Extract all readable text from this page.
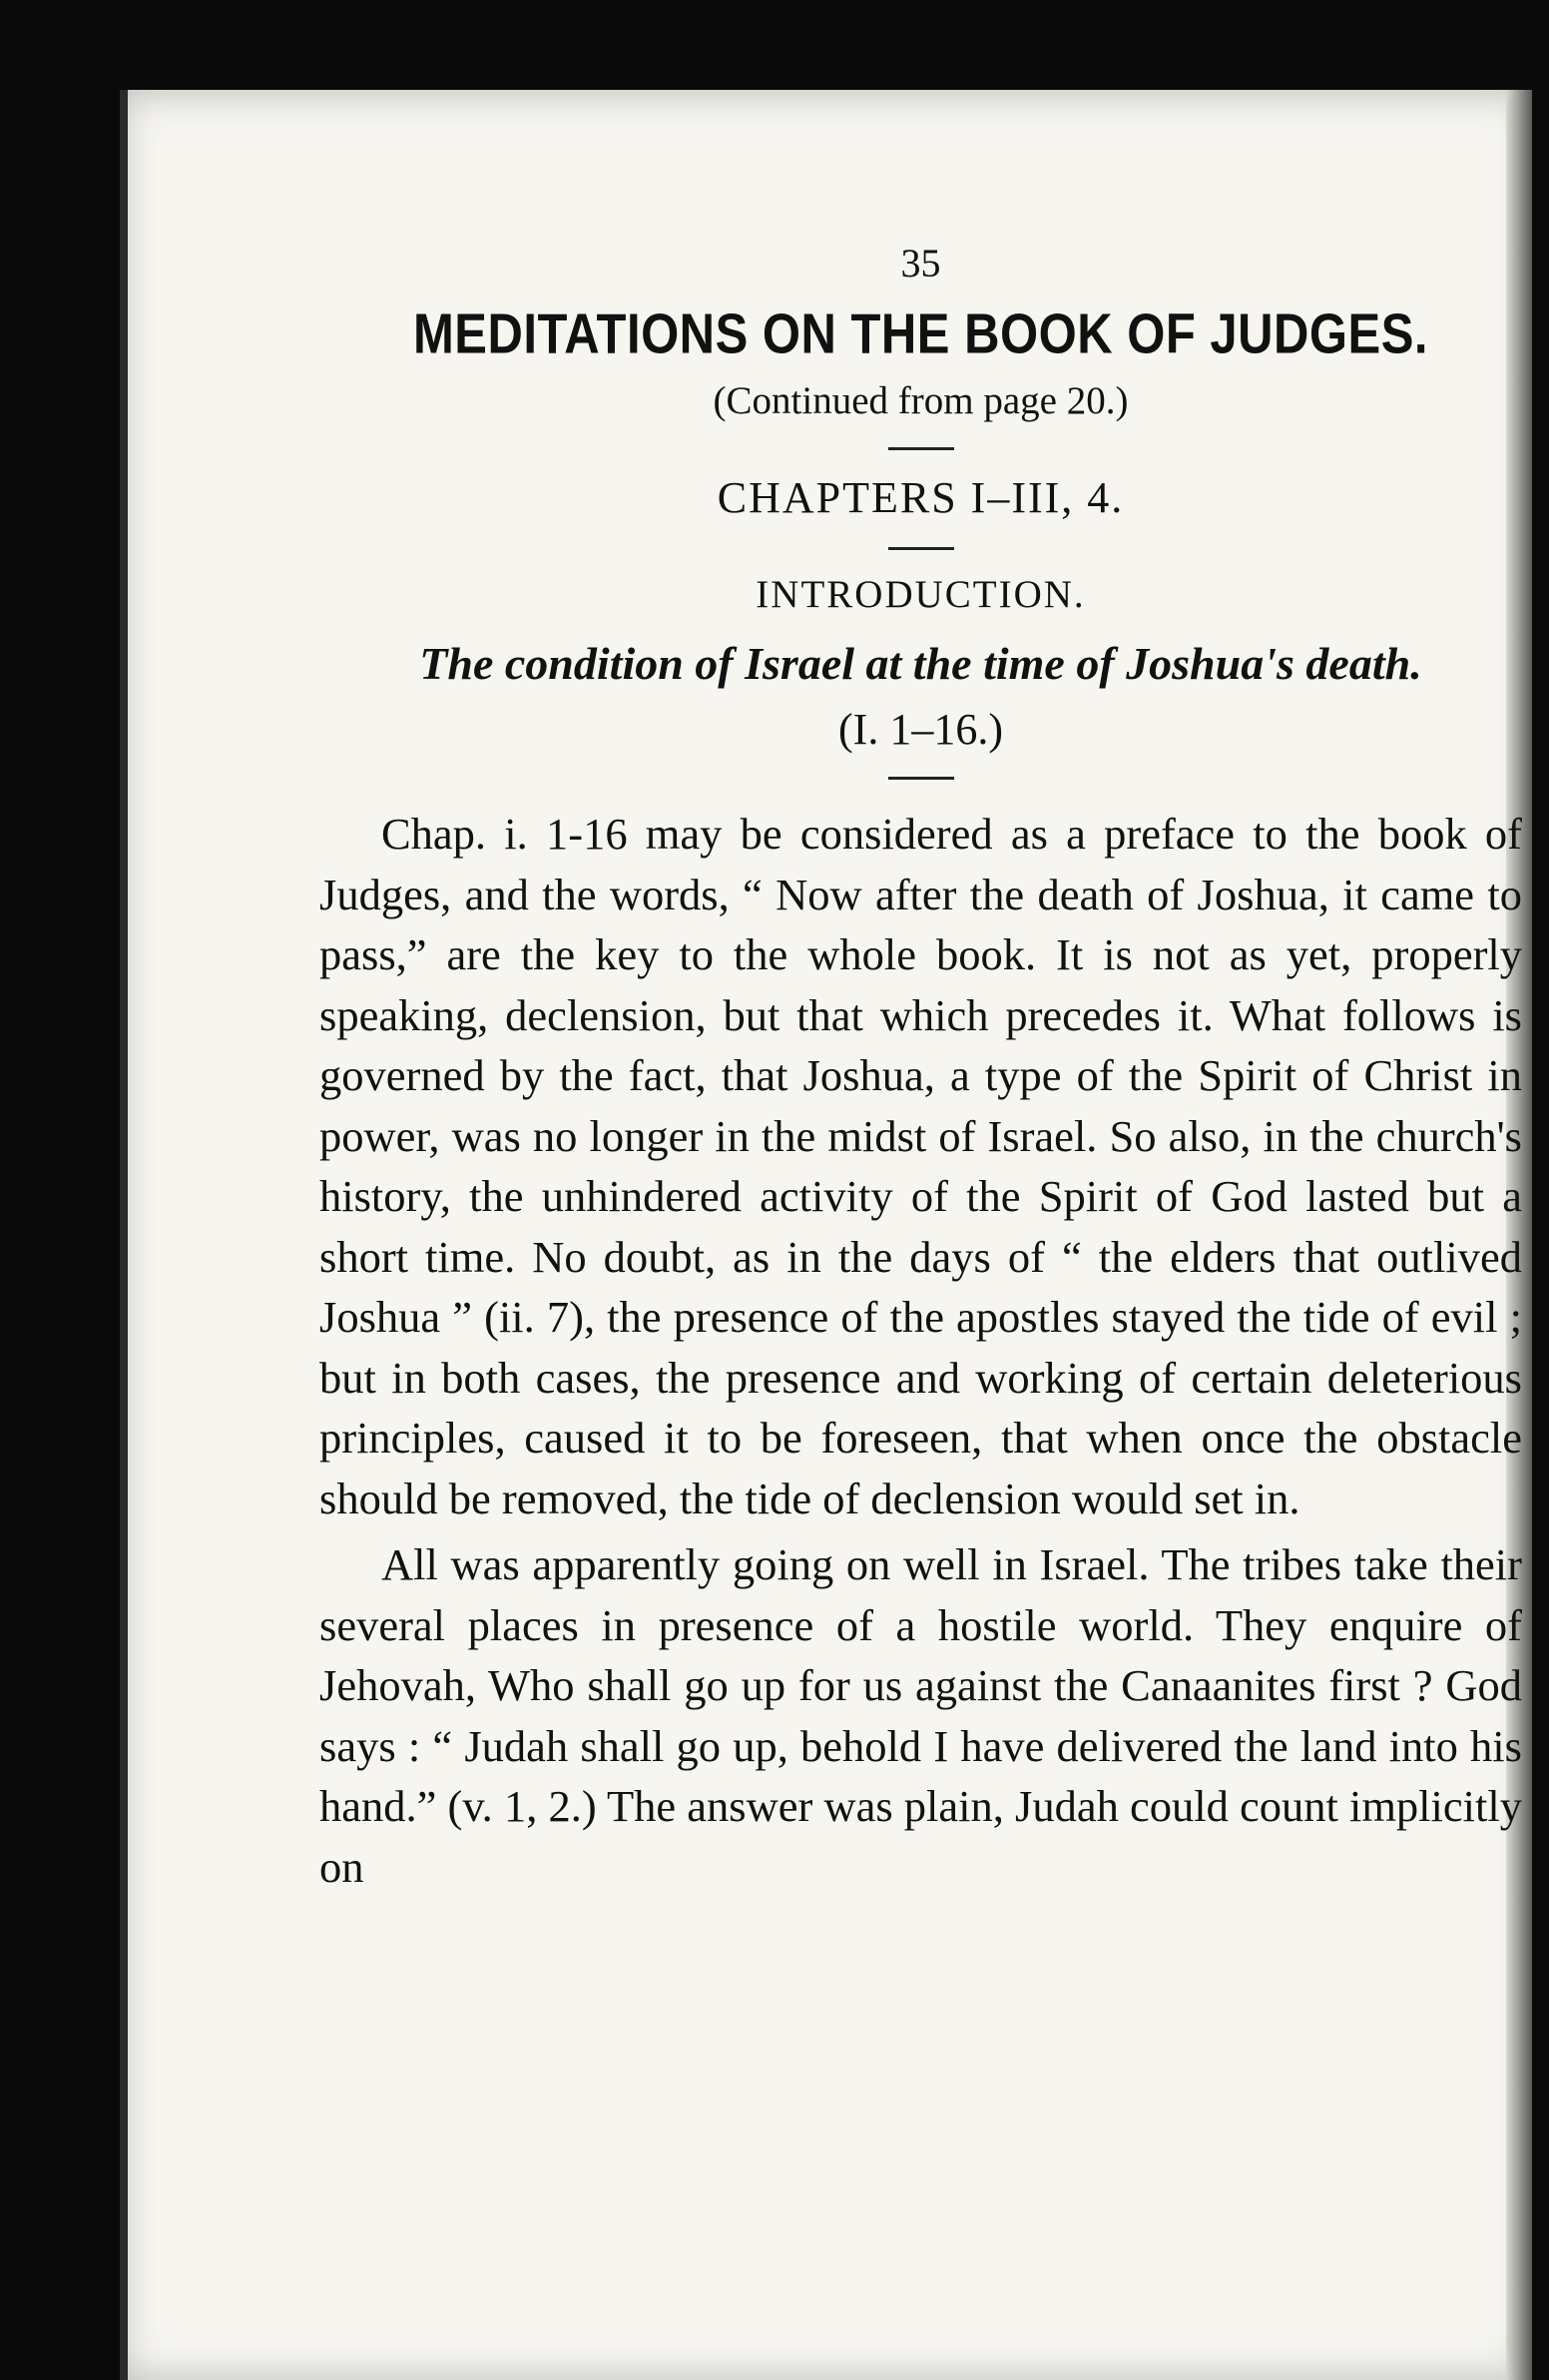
35

MEDITATIONS ON THE BOOK OF JUDGES.

(Continued from page 20.)

CHAPTERS I–III, 4.

INTRODUCTION.

The condition of Israel at the time of Joshua's death.

(I. 1–16.)

Chap. i. 1-16 may be considered as a preface to the book of Judges, and the words, “ Now after the death of Joshua, it came to pass,” are the key to the whole book. It is not as yet, properly speaking, declension, but that which precedes it. What follows is governed by the fact, that Joshua, a type of the Spirit of Christ in power, was no longer in the midst of Israel. So also, in the church's history, the unhindered activity of the Spirit of God lasted but a short time. No doubt, as in the days of “ the elders that outlived Joshua ” (ii. 7), the presence of the apostles stayed the tide of evil ; but in both cases, the presence and working of certain deleterious principles, caused it to be foreseen, that when once the obstacle should be removed, the tide of declension would set in.

All was apparently going on well in Israel. The tribes take their several places in presence of a hostile world. They enquire of Jehovah, Who shall go up for us against the Canaanites first ? God says : “ Judah shall go up, behold I have delivered the land into his hand.” (v. 1, 2.) The answer was plain, Judah could count implicitly on
